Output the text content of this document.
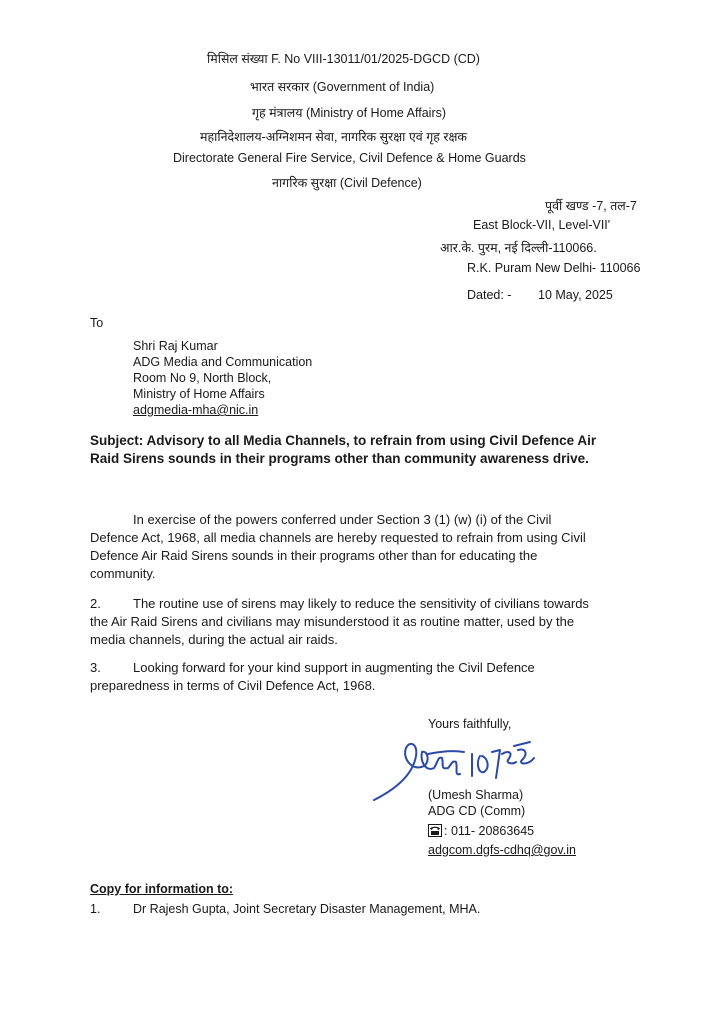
मिसिल संख्या F. No VIII-13011/01/2025-DGCD (CD)
भारत सरकार (Government of India)
गृह मंत्रालय (Ministry of Home Affairs)
महानिदेशालय-अग्निशमन सेवा, नागरिक सुरक्षा एवं गृह रक्षक
Directorate General Fire Service, Civil Defence & Home Guards
नागरिक सुरक्षा (Civil Defence)
पूर्वी खण्ड -7, तल-7
East Block-VII, Level-VII'
आर.के. पुरम, नई दिल्ली-110066.
R.K. Puram New Delhi- 110066
Dated: - 10 May, 2025
To
Shri Raj Kumar
ADG Media and Communication
Room No 9, North Block,
Ministry of Home Affairs
adgmedia-mha@nic.in
Subject: Advisory to all Media Channels, to refrain from using Civil Defence Air
Raid Sirens sounds in their programs other than community awareness drive.
In exercise of the powers conferred under Section 3 (1) (w) (i) of the Civil
Defence Act, 1968, all media channels are hereby requested to refrain from using Civil
Defence Air Raid Sirens sounds in their programs other than for educating the
community.
2. The routine use of sirens may likely to reduce the sensitivity of civilians towards
the Air Raid Sirens and civilians may misunderstood it as routine matter, used by the
media channels, during the actual air raids.
3. Looking forward for your kind support in augmenting the Civil Defence
preparedness in terms of Civil Defence Act, 1968.
Yours faithfully,
(Umesh Sharma)
ADG CD (Comm)
: 011- 20863645
adgcom.dgfs-cdhq@gov.in
Copy for information to:
1.	Dr Rajesh Gupta, Joint Secretary Disaster Management, MHA.
